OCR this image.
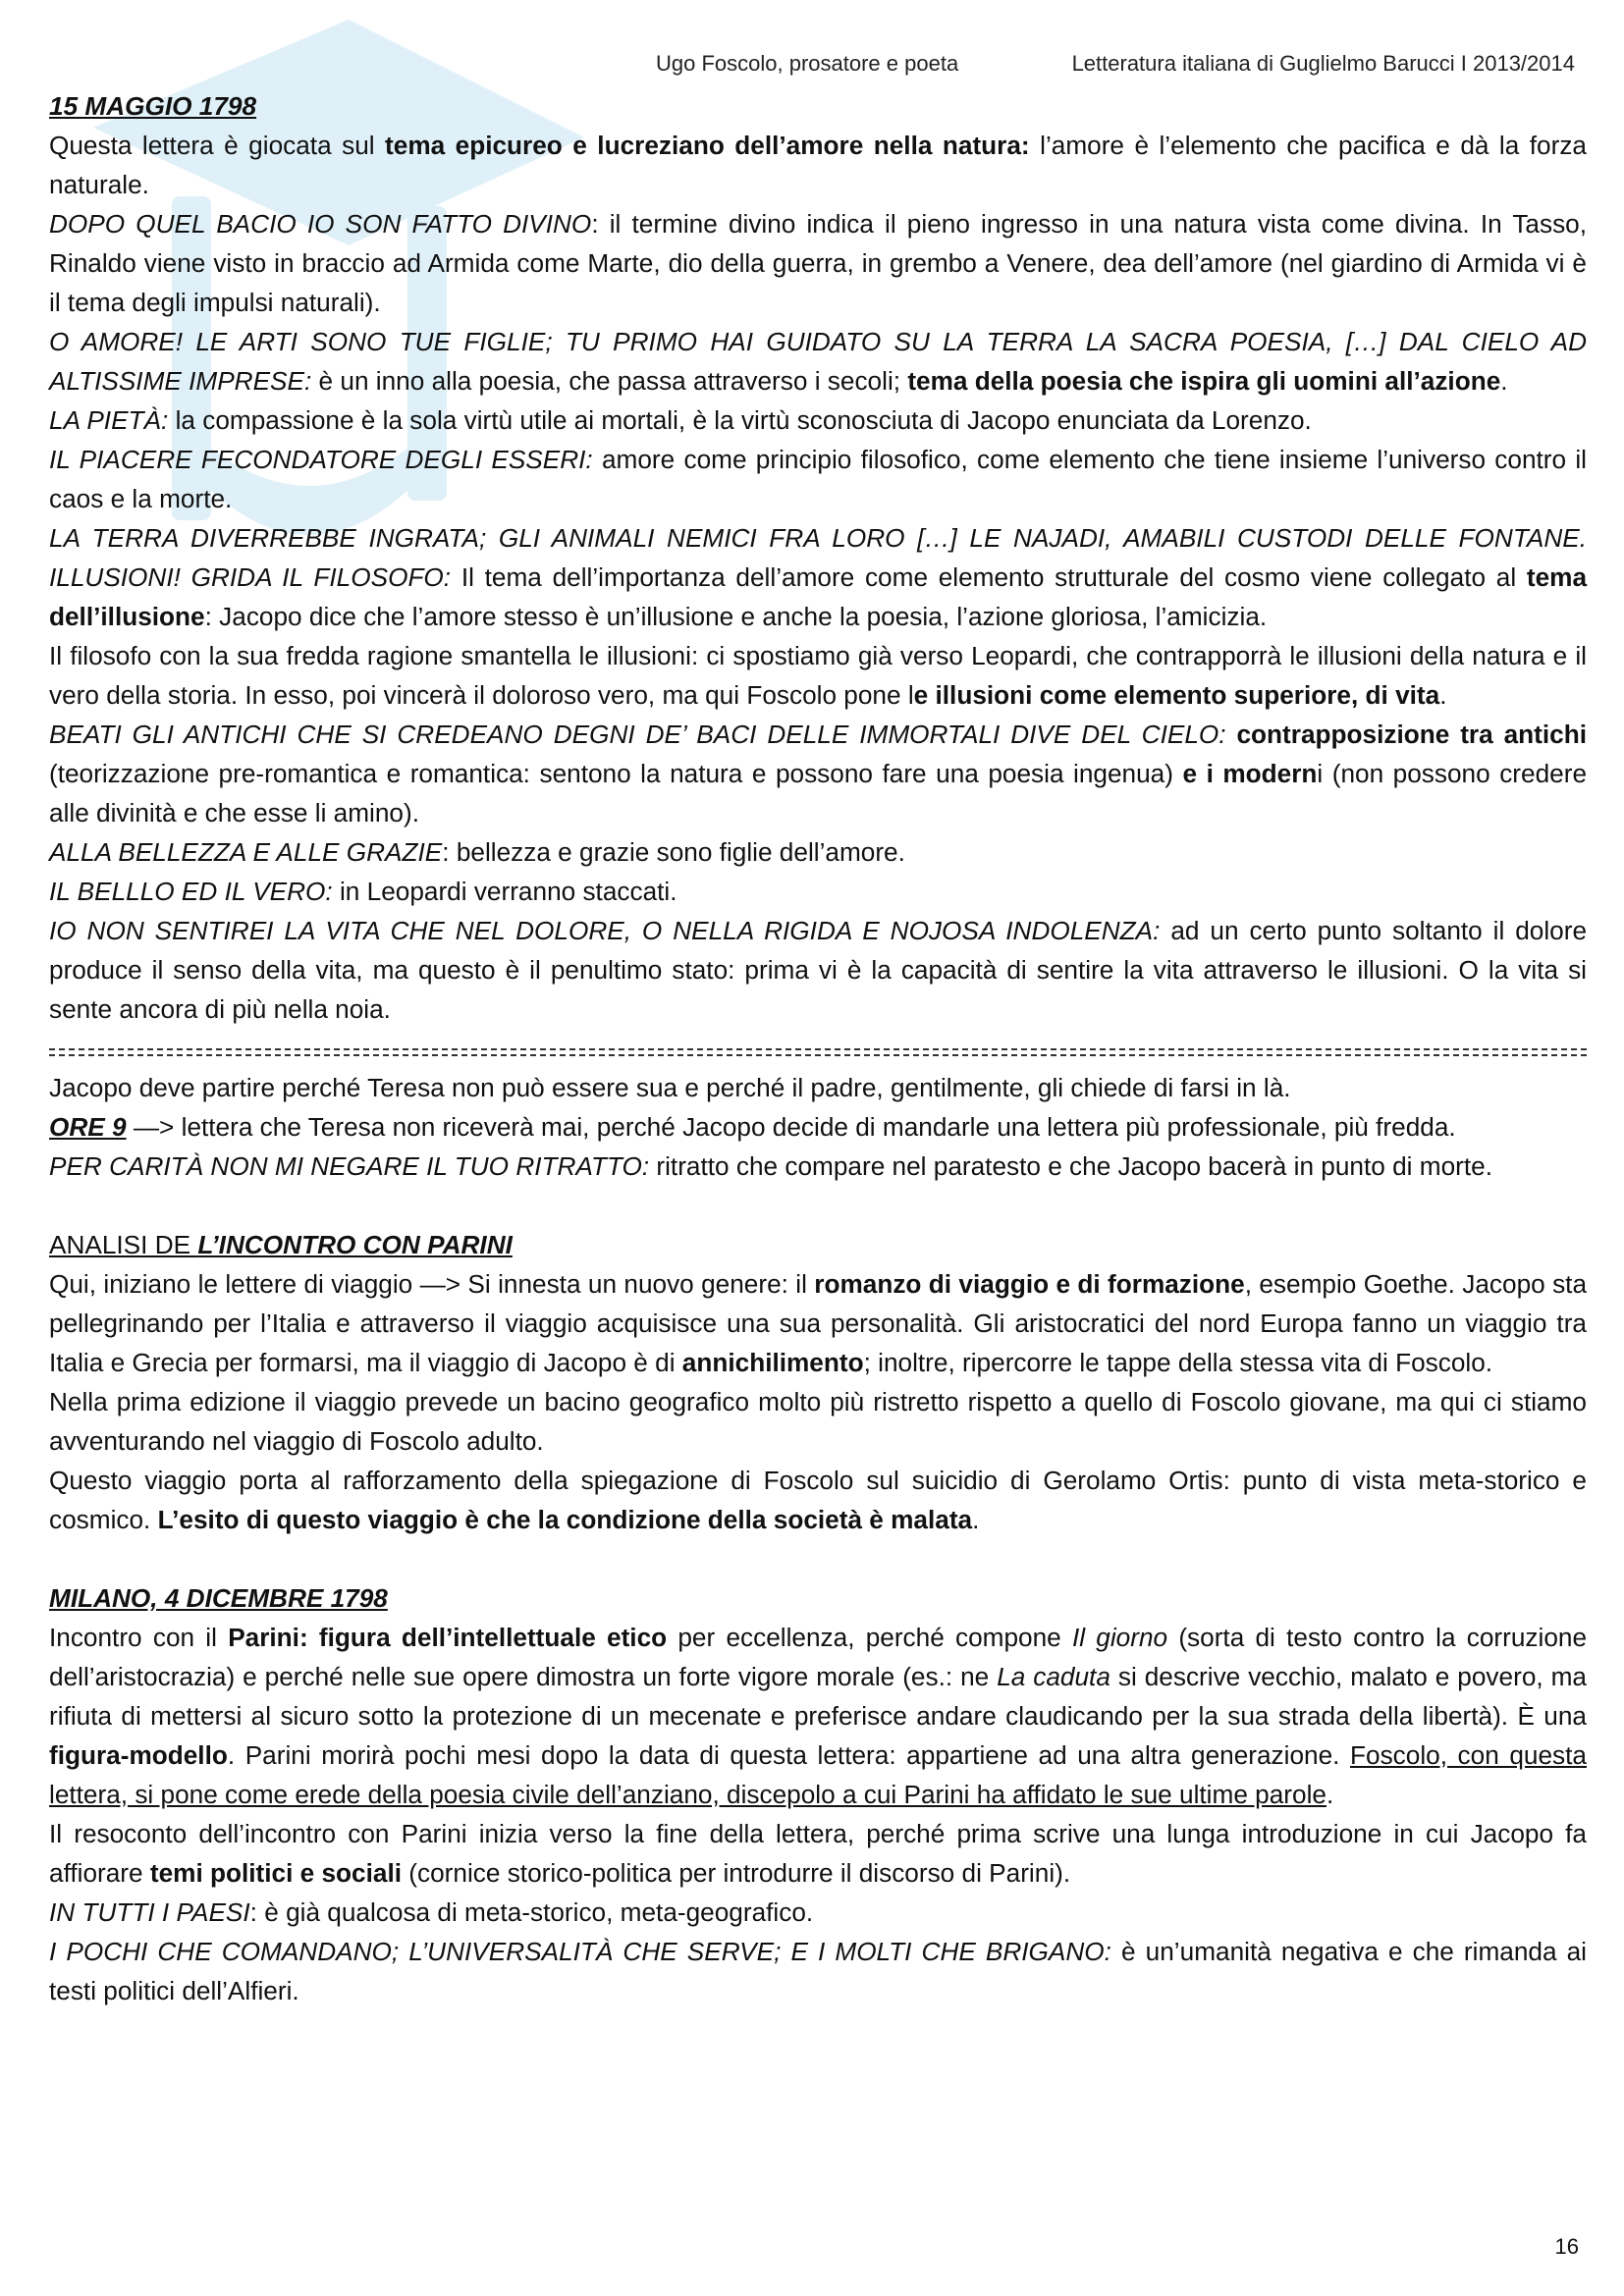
Ugo Foscolo, prosatore e poeta	Letteratura italiana di Guglielmo Barucci I 2013/2014

15 MAGGIO 1798

Questa lettera è giocata sul tema epicureo e lucreziano dell’amore nella natura: l’amore è l’elemento che pacifica e dà la forza naturale.

DOPO QUEL BACIO IO SON FATTO DIVINO: il termine divino indica il pieno ingresso in una natura vista come divina. In Tasso, Rinaldo viene visto in braccio ad Armida come Marte, dio della guerra, in grembo a Venere, dea dell’amore (nel giardino di Armida vi è il tema degli impulsi naturali).

O AMORE! LE ARTI SONO TUE FIGLIE; TU PRIMO HAI GUIDATO SU LA TERRA LA SACRA POESIA, […] DAL CIELO AD ALTISSIME IMPRESE: è un inno alla poesia, che passa attraverso i secoli; tema della poesia che ispira gli uomini all’azione.

LA PIETÀ: la compassione è la sola virtù utile ai mortali, è la virtù sconosciuta di Jacopo enunciata da Lorenzo.

IL PIACERE FECONDATORE DEGLI ESSERI: amore come principio filosofico, come elemento che tiene insieme l’universo contro il caos e la morte.

LA TERRA DIVERREBBE INGRATA; GLI ANIMALI NEMICI FRA LORO […] LE NAJADI, AMABILI CUSTODI DELLE FONTANE. ILLUSIONI! GRIDA IL FILOSOFO: Il tema dell’importanza dell’amore come elemento strutturale del cosmo viene collegato al tema dell’illusione: Jacopo dice che l’amore stesso è un’illusione e anche la poesia, l’azione gloriosa, l’amicizia.

Il filosofo con la sua fredda ragione smantella le illusioni: ci spostiamo già verso Leopardi, che contrapporrà le illusioni della natura e il vero della storia. In esso, poi vincerà il doloroso vero, ma qui Foscolo pone le illusioni come elemento superiore, di vita.

BEATI GLI ANTICHI CHE SI CREDEANO DEGNI DE’ BACI DELLE IMMORTALI DIVE DEL CIELO: contrapposizione tra antichi (teorizzazione pre-romantica e romantica: sentono la natura e possono fare una poesia ingenua) e i moderni (non possono credere alle divinità e che esse li amino).

ALLA BELLEZZA E ALLE GRAZIE: bellezza e grazie sono figlie dell’amore.

IL BELLLO ED IL VERO: in Leopardi verranno staccati.

IO NON SENTIREI LA VITA CHE NEL DOLORE, O NELLA RIGIDA E NOJOSA INDOLENZA: ad un certo punto soltanto il dolore produce il senso della vita, ma questo è il penultimo stato: prima vi è la capacità di sentire la vita attraverso le illusioni. O la vita si sente ancora di più nella noia.

Jacopo deve partire perché Teresa non può essere sua e perché il padre, gentilmente, gli chiede di farsi in là.

ORE 9 —> lettera che Teresa non riceverà mai, perché Jacopo decide di mandarle una lettera più professionale, più fredda.

PER CARITÀ NON MI NEGARE IL TUO RITRATTO: ritratto che compare nel paratesto e che Jacopo bacerà in punto di morte.

ANALISI DE L’INCONTRO CON PARINI

Qui, iniziano le lettere di viaggio —> Si innesta un nuovo genere: il romanzo di viaggio e di formazione, esempio Goethe. Jacopo sta pellegrinando per l’Italia e attraverso il viaggio acquisisce una sua personalità. Gli aristocratici del nord Europa fanno un viaggio tra Italia e Grecia per formarsi, ma il viaggio di Jacopo è di annichilimento; inoltre, ripercorre le tappe della stessa vita di Foscolo.

Nella prima edizione il viaggio prevede un bacino geografico molto più ristretto rispetto a quello di Foscolo giovane, ma qui ci stiamo avventurando nel viaggio di Foscolo adulto.

Questo viaggio porta al rafforzamento della spiegazione di Foscolo sul suicidio di Gerolamo Ortis: punto di vista meta-storico e cosmico. L’esito di questo viaggio è che la condizione della società è malata.

MILANO, 4 DICEMBRE 1798

Incontro con il Parini: figura dell’intellettuale etico per eccellenza, perché compone Il giorno (sorta di testo contro la corruzione dell’aristocrazia) e perché nelle sue opere dimostra un forte vigore morale (es.: ne La caduta si descrive vecchio, malato e povero, ma rifiuta di mettersi al sicuro sotto la protezione di un mecenate e preferisce andare claudicando per la sua strada della libertà). È una figura-modello. Parini morirà pochi mesi dopo la data di questa lettera: appartiene ad una altra generazione. Foscolo, con questa lettera, si pone come erede della poesia civile dell’anziano, discepolo a cui Parini ha affidato le sue ultime parole.

Il resoconto dell’incontro con Parini inizia verso la fine della lettera, perché prima scrive una lunga introduzione in cui Jacopo fa affiorare temi politici e sociali (cornice storico-politica per introdurre il discorso di Parini).

IN TUTTI I PAESI: è già qualcosa di meta-storico, meta-geografico.

I POCHI CHE COMANDANO; L’UNIVERSALITÀ CHE SERVE; E I MOLTI CHE BRIGANO: è un’umanità negativa e che rimanda ai testi politici dell’Alfieri.

16
